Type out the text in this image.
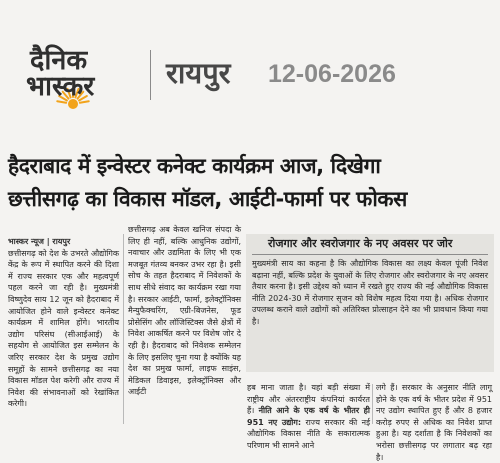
दैनिक
भास्कर रायपुर 12-06-2026
हैदराबाद में इन्वेस्टर कनेक्ट कार्यक्रम आज, दिखेगा
छत्तीसगढ़ का विकास मॉडल, आईटी-फार्मा पर फोकस

भास्कर न्यूज | रायपुर

छत्तीसगढ़ को देश के उभरते औद्योगिक केंद्र के रूप में स्थापित करने की दिशा में राज्य सरकार एक और महत्वपूर्ण पहल करने जा रही है। मुख्यमंत्री विष्णुदेव साय 12 जून को हैदराबाद में आयोजित होने वाले इन्वेस्टर कनेक्ट कार्यक्रम में शामिल होंगे। भारतीय उद्योग परिसंघ (सीआईआई) के सहयोग से आयोजित इस सम्मेलन के जरिए सरकार देश के प्रमुख उद्योग समूहों के सामने छत्तीसगढ़ का नया विकास मॉडल पेश करेगी और राज्य में निवेश की संभावनाओं को रेखांकित करेगी।

छत्तीसगढ़ अब केवल खनिज संपदा के लिए ही नहीं, बल्कि आधुनिक उद्योगों, नवाचार और उद्यमिता के लिए भी एक मजबूत गंतव्य बनकर उभर रहा है। इसी सोच के तहत हैदराबाद में निवेशकों के साथ सीधे संवाद का कार्यक्रम रखा गया है। सरकार आईटी, फार्मा, इलेक्ट्रॉनिक्स मैन्युफैक्चरिंग, एग्री-बिजनेस, फूड प्रोसेसिंग और लॉजिस्टिक्स जैसे क्षेत्रों में निवेश आकर्षित करने पर विशेष जोर दे रही है। हैदराबाद को निवेशक सम्मेलन के लिए इसलिए चुना गया है क्योंकि यह देश का प्रमुख फार्मा, लाइफ साइंस, मेडिकल डिवाइस, इलेक्ट्रॉनिक्स और आईटी

रोजगार और स्वरोजगार के नए अवसर पर जोर

मुख्यमंत्री साय का कहना है कि औद्योगिक विकास का लक्ष्य केवल पूंजी निवेश बढ़ाना नहीं, बल्कि प्रदेश के युवाओं के लिए रोजगार और स्वरोजगार के नए अवसर तैयार करना है। इसी उद्देश्य को ध्यान में रखते हुए राज्य की नई औद्योगिक विकास नीति 2024-30 में रोजगार सृजन को विशेष महत्व दिया गया है। अधिक रोजगार उपलब्ध कराने वाले उद्योगों को अतिरिक्त प्रोत्साहन देने का भी प्रावधान किया गया है।

हब माना जाता है। यहां बड़ी संख्या में राष्ट्रीय और अंतरराष्ट्रीय कंपनियां कार्यरत हैं। नीति आने के एक वर्ष के भीतर ही 951 नए उद्योग: राज्य सरकार की नई औद्योगिक विकास नीति के सकारात्मक परिणाम भी सामने आने

लगे हैं। सरकार के अनुसार नीति लागू होने के एक वर्ष के भीतर प्रदेश में 951 नए उद्योग स्थापित हुए हैं और 8 हजार करोड़ रुपए से अधिक का निवेश प्राप्त हुआ है। यह दर्शाता है कि निवेशकों का भरोसा छत्तीसगढ़ पर लगातार बढ़ रहा है।
